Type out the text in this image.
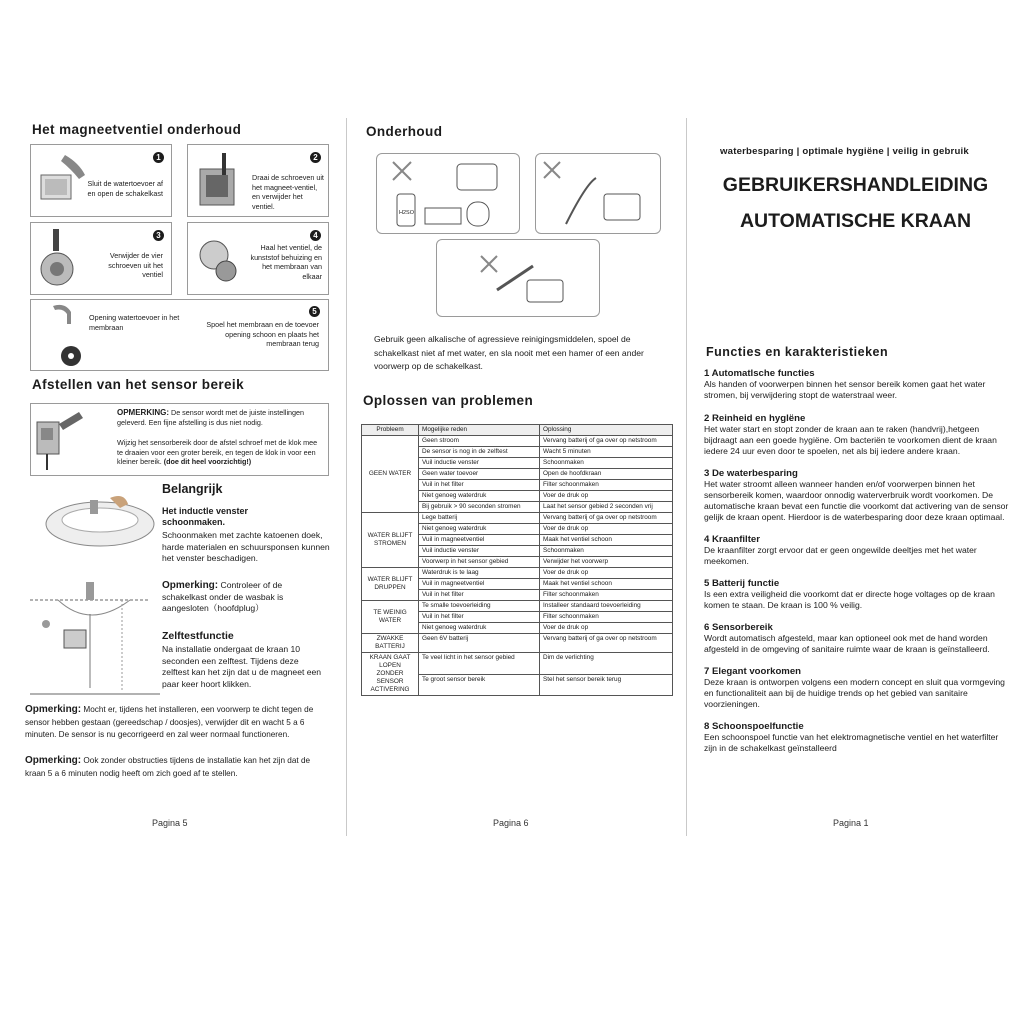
Het magneetventiel onderhoud
1
Sluit de watertoevoer af en open de schakelkast
2
Draai de schroeven uit het magneet-ventiel, en verwijder het ventiel.
3
Verwijder de vier schroeven uit het ventiel
4
Haal het ventiel, de kunststof behuizing en het membraan van elkaar
5
Opening watertoevoer in het membraan	Spoel het membraan en de toevoer opening schoon en plaats het membraan terug
Afstellen van het sensor bereik
OPMERKING: De sensor wordt met de juiste instellingen geleverd. Een fijne afstelling is dus niet nodig.
Wijzig het sensorbereik door de afstel schroef met de klok mee te draaien voor een groter bereik, en tegen de klok in voor een kleiner bereik. (doe dit heel voorzichtig!)
Belangrijk
Het inductle venster schoonmaken.
Schoonmaken met zachte katoenen doek, harde materialen en schuursponsen kunnen het venster beschadigen.
Opmerking: Controleer of de schakelkast onder de wasbak is aangesloten（hoofdplug）
Zelftestfunctie
Na installatie ondergaat de kraan 10 seconden een zelftest. Tijdens deze zelftest kan het zijn dat u de magneet een paar keer hoort klikken.
Opmerking: Mocht er, tijdens het installeren, een voorwerp te dicht tegen de sensor hebben gestaan (gereedschap / doosjes), verwijder dit en wacht 5 a 6 minuten. De sensor is nu gecorrigeerd en zal weer normaal functioneren.
Opmerking: Ook zonder obstructies tijdens de installatie kan het zijn dat de kraan 5 a 6 minuten nodig heeft om zich goed af te stellen.
Pagina 5
Onderhoud
H2SO
Gebruik geen alkalische of agressieve reinigingsmiddelen, spoel de schakelkast niet af met water, en sla nooit met een hamer of een ander voorwerp op de schakelkast.
Oplossen van problemen
Probleem	Mogelijke reden	Oplossing
GEEN WATER	Geen stroom	Vervang batterij of ga over op netstroom
	De sensor is nog in de zelftest	Wacht 5 minuten
	Vuil inductie venster	Schoonmaken
	Geen water toevoer	Open de hoofdkraan
	Vuil in het filter	Filter schoonmaken
	Niet genoeg waterdruk	Voer de druk op
	Bij gebruik > 90 seconden stromen	Laat het sensor gebied 2 seconden vrij
WATER BLIJFT STROMEN	Lege batterij	Vervang batterij of ga over op netstroom
	Niet genoeg waterdruk	Voer de druk op
	Vuil in magneetventiel	Maak het ventiel schoon
	Vuil inductie venster	Schoonmaken
	Voorwerp in het sensor gebied	Verwijder het voorwerp
WATER BLIJFT DRUPPEN	Waterdruk is te laag	Voer de druk op
	Vuil in magneetventiel	Maak het ventiel schoon
	Vuil in het filter	Filter schoonmaken
TE WEINIG WATER	Te smalle toevoerleiding	Installeer standaard toevoerleiding
	Vuil in het filter	Filter schoonmaken
	Niet genoeg waterdruk	Voer de druk op
ZWAKKE BATTERIJ	Geen 6V batterij	Vervang batterij of ga over op netstroom
KRAAN GAAT LOPEN ZONDER SENSOR ACTIVERING	Te veel licht in het sensor gebied	Dim de verlichting
	Te groot sensor bereik	Stel het sensor bereik terug
Pagina 6
waterbesparing | optimale hygiëne | veilig in gebruik
GEBRUIKERSHANDLEIDING
AUTOMATISCHE KRAAN
Functies en karakteristieken
1 Automatlsche functies
Als handen of voorwerpen binnen het sensor bereik komen gaat het water stromen, bij verwijdering stopt de waterstraal weer.
2 Reinheid en hyglëne
Het water start en stopt zonder de kraan aan te raken (handvrij),hetgeen bijdraagt aan een goede hygiëne. Om bacteriën te voorkomen dient de kraan iedere 24 uur even door te spoelen, net als bij iedere andere kraan.
3 De waterbesparing
Het water stroomt alleen wanneer handen en/of voorwerpen binnen het sensorbereik komen, waardoor onnodig waterverbruik wordt voorkomen. De automatische kraan bevat een functie die voorkomt dat activering van de sensor gelijk de kraan opent. Hierdoor is de waterbesparing door deze kraan optimaal.
4 Kraanfilter
De kraanfilter zorgt ervoor dat er geen ongewilde deeltjes met het water meekomen.
5 Batterij functie
Is een extra veiligheid die voorkomt dat er directe hoge voltages op de kraan komen te staan. De kraan is 100 % veilig.
6 Sensorbereik
Wordt automatisch afgesteld, maar kan optioneel ook met de hand worden afgesteld in de omgeving of sanitaire ruimte waar de kraan is geïnstalleerd.
7 Elegant voorkomen
Deze kraan is ontworpen volgens een modern concept en sluit qua vormgeving en functionaliteit aan bij de huidige trends op het gebied van sanitaire voorzieningen.
8 Schoonspoelfunctie
Een schoonspoel functie van het elektromagnetische ventiel en het waterfilter zijn in de schakelkast geïnstalleerd
Pagina 1
